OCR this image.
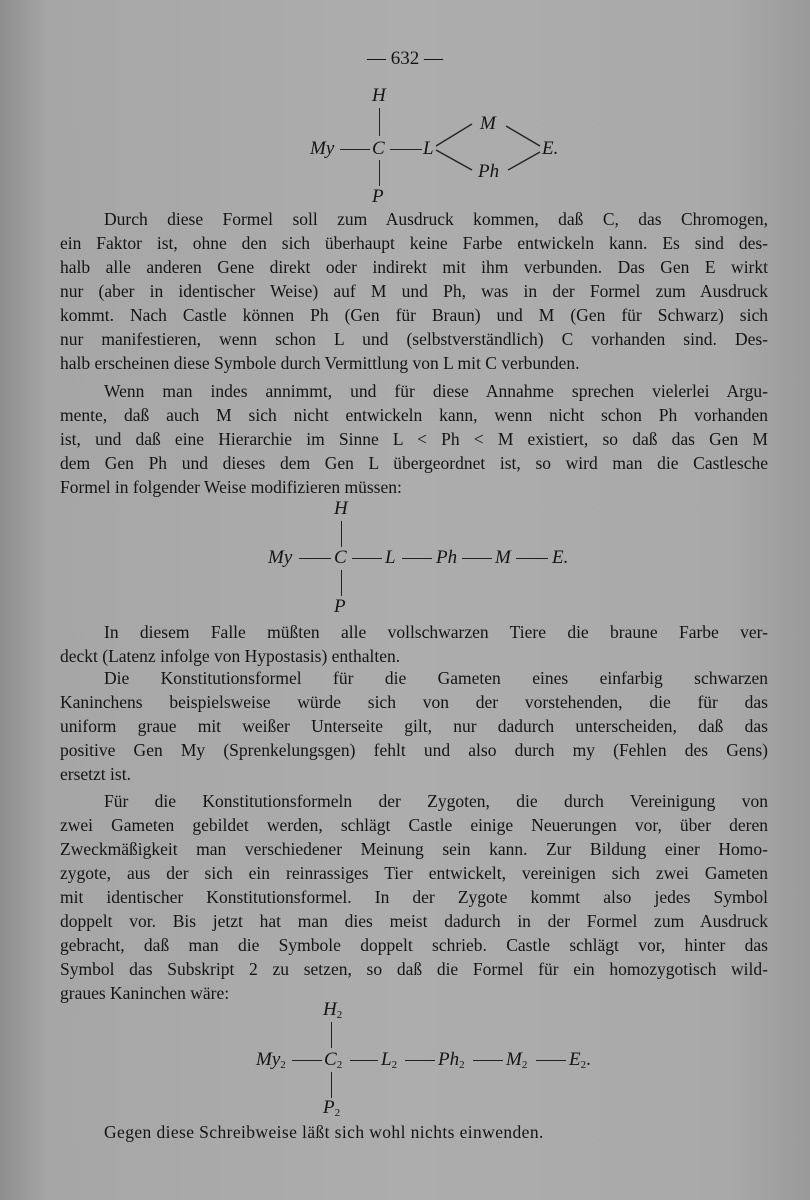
— 632 —
H
My C L
M
Ph
E.
P
Durch diese Formel soll zum Ausdruck kommen, daß C, das Chromogen,
ein Faktor ist, ohne den sich überhaupt keine Farbe entwickeln kann. Es sind des-
halb alle anderen Gene direkt oder indirekt mit ihm verbunden. Das Gen E wirkt
nur (aber in identischer Weise) auf M und Ph, was in der Formel zum Ausdruck
kommt. Nach Castle können Ph (Gen für Braun) und M (Gen für Schwarz) sich
nur manifestieren, wenn schon L und (selbstverständlich) C vorhanden sind. Des-
halb erscheinen diese Symbole durch Vermittlung von L mit C verbunden.
Wenn man indes annimmt, und für diese Annahme sprechen vielerlei Argu-
mente, daß auch M sich nicht entwickeln kann, wenn nicht schon Ph vorhanden
ist, und daß eine Hierarchie im Sinne L < Ph < M existiert, so daß das Gen M
dem Gen Ph und dieses dem Gen L übergeordnet ist, so wird man die Castlesche
Formel in folgender Weise modifizieren müssen:
H
My C L Ph M E.
P
In diesem Falle müßten alle vollschwarzen Tiere die braune Farbe ver-
deckt (Latenz infolge von Hypostasis) enthalten.
Die Konstitutionsformel für die Gameten eines einfarbig schwarzen
Kaninchens beispielsweise würde sich von der vorstehenden, die für das
uniform graue mit weißer Unterseite gilt, nur dadurch unterscheiden, daß das
positive Gen My (Sprenkelungsgen) fehlt und also durch my (Fehlen des Gens)
ersetzt ist.
Für die Konstitutionsformeln der Zygoten, die durch Vereinigung von
zwei Gameten gebildet werden, schlägt Castle einige Neuerungen vor, über deren
Zweckmäßigkeit man verschiedener Meinung sein kann. Zur Bildung einer Homo-
zygote, aus der sich ein reinrassiges Tier entwickelt, vereinigen sich zwei Gameten
mit identischer Konstitutionsformel. In der Zygote kommt also jedes Symbol
doppelt vor. Bis jetzt hat man dies meist dadurch in der Formel zum Ausdruck
gebracht, daß man die Symbole doppelt schrieb. Castle schlägt vor, hinter das
Symbol das Subskript 2 zu setzen, so daß die Formel für ein homozygotisch wild-
graues Kaninchen wäre:
$H_2$
$My_2$ $C_2$ $L_2$ $Ph_2$ $M_2$ $E_2$.
$P_2$
Gegen diese Schreibweise läßt sich wohl nichts einwenden.
